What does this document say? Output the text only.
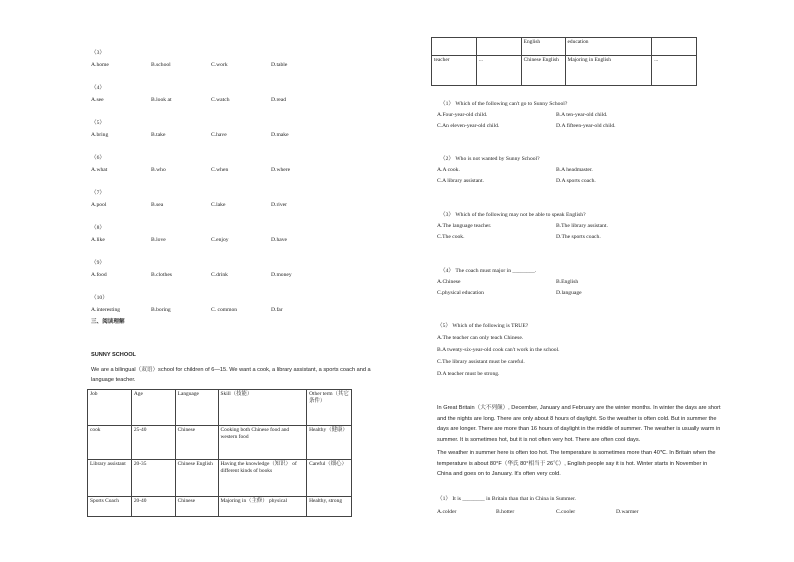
（3）
A.home	B.school	C.work	D.table
（4）
A.see	B.look at	C.watch	D.read
（5）
A.bring	B.take	C.have	D.make
（6）
A.what	B.who	C.when	D.where
（7）
A.pool	B.sea	C.lake	D.river
（8）
A.like	B.love	C.enjoy	D.have
（9）
A.food	B.clothes	C.drink	D.money
（10）
A.interesting	B.boring	C. common	D.far
三、阅读理解
SUNNY SCHOOL
We are a bilingual（双语）school for children of 6—15. We want a cook, a library assistant, a sports coach and a
language teacher.
Job	Age	Language	Skill（技能）	Other term（其它条件）
cook	25-40	Chinese	Cooking both Chinese food and western food	Healthy（健康）
Library assistant	20-35	Chinese English	Having the knowledge（知识） of different kinds of books	Careful（细心）
Sports Coach	20-40	Chinese	Majoring in（主修） physical	Healthy, strong
		English	education	
teacher	...	Chinese English	Majoring in English	...
（1） Which of the following can't go to Sunny School?
A.Four-year-old child.	B.A ten-year-old child.
C.An eleven-year-old child.	D.A fifteen-year-old child.
（2） Who is not wanted by Sunny School?
A.A cook.	B.A headmaster.
C.A library assistant.	D.A sports coach.
（3） Which of the following may not be able to speak English?
A.The language teacher.	B.The library assistant.
C.The cook.	D.The sports coach.
（4） The coach must major in ________.
A.Chinese	B.English
C.physical education	D.language
（5） Which of the following is TRUE?
A.The teacher can only teach Chinese.
B.A twenty-six-year-old cook can't work in the school.
C.The library assistant must be careful.
D.A teacher must be strong.
In Great Britain（大不列颠）, December, January and February are the winter months. In winter the days are short
and the nights are long. There are only about 8 hours of daylight. So the weather is often cold. But in summer the
days are longer. There are more than 16 hours of daylight in the middle of summer. The weather is usually warm in
summer. It is sometimes hot, but it is not often very hot. There are often cool days.
The weather in summer here is often too hot. The temperature is sometimes more than 40℃. In Britain when the
temperature is about 80°F（华氏 80°相当于 26℃）, English people say it is hot. Winter starts in November in
China and goes on to January. It's often very cold.
（1） It is ________ in Britain than that in China in Summer.
A.colder	B.hotter	C.cooler	D.warmer
